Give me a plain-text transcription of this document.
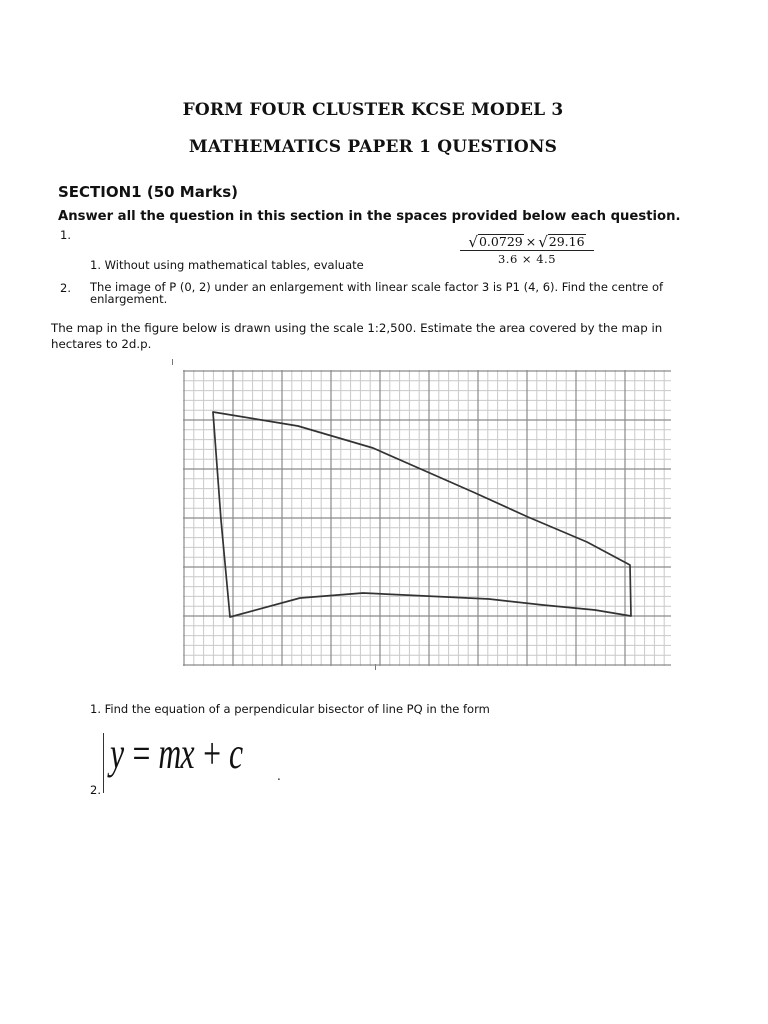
FORM FOUR CLUSTER KCSE MODEL 3
MATHEMATICS PAPER 1 QUESTIONS
SECTION1 (50 Marks)
Answer all the question in this section in the spaces provided below each question.
1.
1. Without using mathematical tables, evaluate	$\frac{√ 0.0729 \times √ 29.16}{3.6 \times 4.5}$
2. The image of P (0, 2) under an enlargement with linear scale factor 3 is P1 (4, 6). Find the centre of enlargement.
The map in the figure below is drawn using the scale 1:2,500. Estimate the area covered by the map in hectares to 2d.p.
1. Find the equation of a perpendicular bisector of line PQ in the form
y = mx + c	.
2.
